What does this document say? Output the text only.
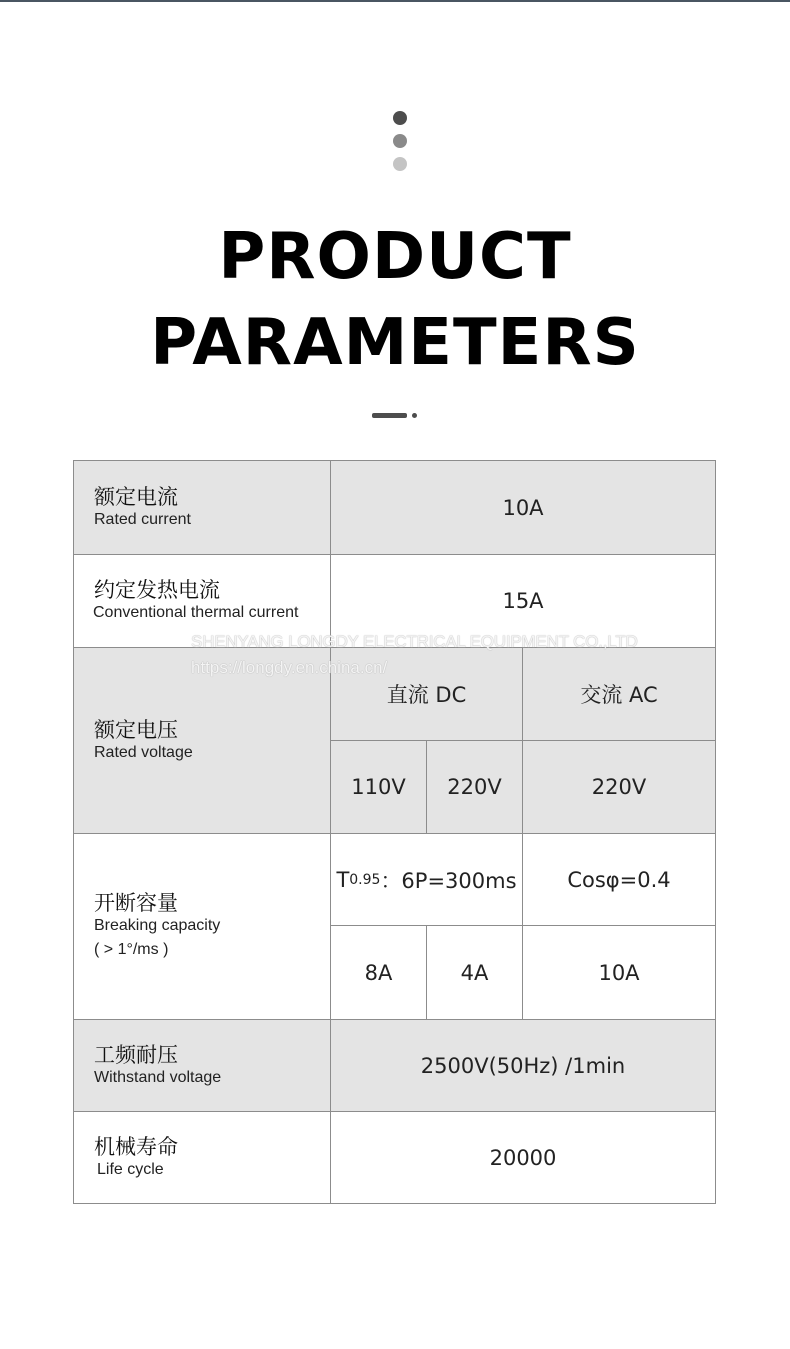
PRODUCT
PARAMETERS
额定电流
Rated current	10A
约定发热电流
Conventional thermal current	15A
额定电压
Rated voltage
直流 DC	交流 AC
110V	220V	220V
开断容量
Breaking capacity
( > 1°/ms )
T 0.95 ：6P=300ms	Cosφ=0.4
8A	4A	10A
工频耐压
Withstand voltage	2500V(50Hz) /1min
机械寿命
Life cycle	20000
SHENYANG LONGDY ELECTRICAL EQUIPMENT CO.,LTD
https://longdy.en.china.cn/
